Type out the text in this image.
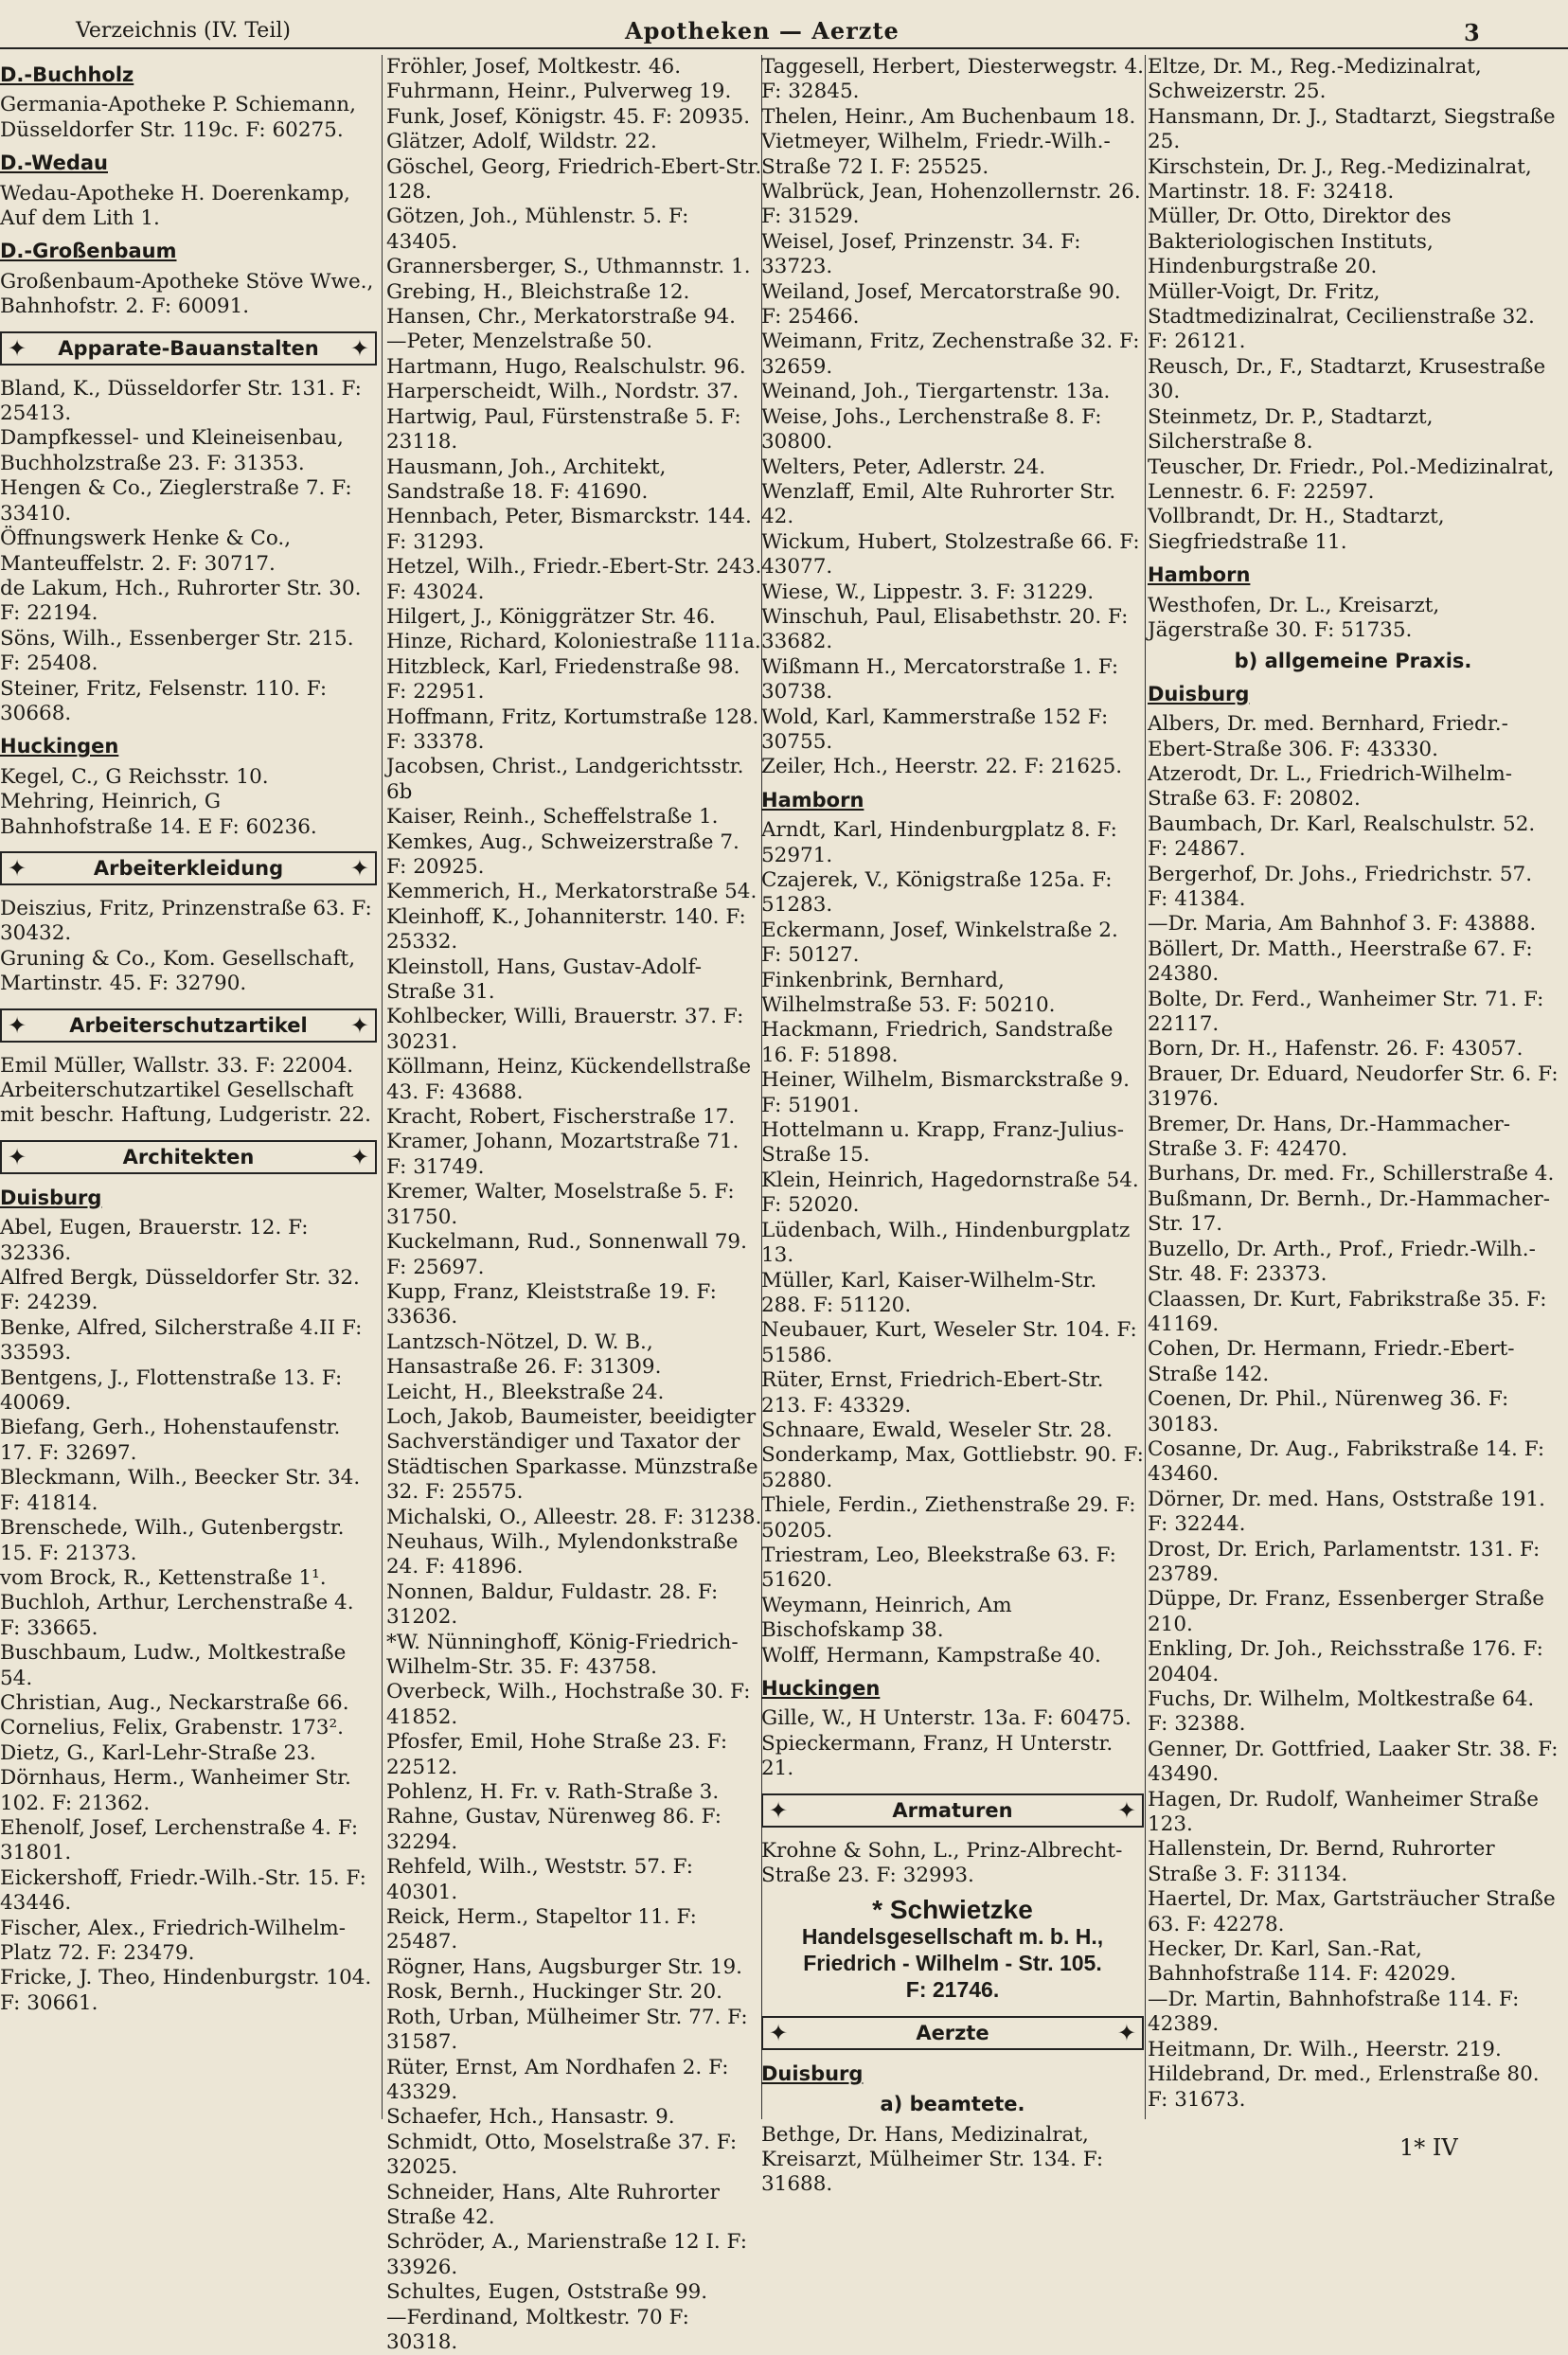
Verzeichnis (IV. Teil)	Apotheken — Aerzte	3
D.-Buchholz
Germania-Apotheke P. Schiemann, Düsseldorfer Str. 119c. F: 60275.
D.-Wedau
Wedau-Apotheke H. Doerenkamp, Auf dem Lith 1.
D.-Großenbaum
Großenbaum-Apotheke Stöve Wwe., Bahnhofstr. 2. F: 60091.
✦ Apparate-Bauanstalten ✦
Bland, K., Düsseldorfer Str. 131. F: 25413.
Dampfkessel- und Kleineisenbau, Buchholzstraße 23. F: 31353.
Hengen & Co., Zieglerstraße 7. F: 33410.
Öffnungswerk Henke & Co., Manteuffelstr. 2. F: 30717.
de Lakum, Hch., Ruhrorter Str. 30. F: 22194.
Söns, Wilh., Essenberger Str. 215. F: 25408.
Steiner, Fritz, Felsenstr. 110. F: 30668.
Huckingen
Kegel, C., G Reichsstr. 10.
Mehring, Heinrich, G Bahnhofstraße 14. E F: 60236.
✦	Arbeiterkleidung	✦
Deiszius, Fritz, Prinzenstraße 63. F: 30432.
Gruning & Co., Kom. Gesellschaft, Martinstr. 45. F: 32790.
✦ Arbeiterschutzartikel ✦
Emil Müller, Wallstr. 33. F: 22004.
Arbeiterschutzartikel Gesellschaft mit beschr. Haftung, Ludgeristr. 22.
✦	Architekten	✦
Duisburg
Abel, Eugen, Brauerstr. 12. F: 32336.
Alfred Bergk, Düsseldorfer Str. 32. F: 24239.
Benke, Alfred, Silcherstraße 4.II F: 33593.
Bentgens, J., Flottenstraße 13. F: 40069.
Biefang, Gerh., Hohenstaufenstr. 17. F: 32697.
Bleckmann, Wilh., Beecker Str. 34. F: 41814.
Brenschede, Wilh., Gutenbergstr. 15. F: 21373.
vom Brock, R., Kettenstraße 1¹.
Buchloh, Arthur, Lerchenstraße 4. F: 33665.
Buschbaum, Ludw., Moltkestraße 54.
Christian, Aug., Neckarstraße 66.
Cornelius, Felix, Grabenstr. 173².
Dietz, G., Karl-Lehr-Straße 23.
Dörnhaus, Herm., Wanheimer Str. 102. F: 21362.
Ehenolf, Josef, Lerchenstraße 4. F: 31801.
Eickershoff, Friedr.-Wilh.-Str. 15. F: 43446.
Fischer, Alex., Friedrich-Wilhelm-Platz 72. F: 23479.
Fricke, J. Theo, Hindenburgstr. 104. F: 30661.
Fröhler, Josef, Moltkestr. 46.
Fuhrmann, Heinr., Pulverweg 19.
Funk, Josef, Königstr. 45. F: 20935.
Glätzer, Adolf, Wildstr. 22.
Göschel, Georg, Friedrich-Ebert-Str. 128.
Götzen, Joh., Mühlenstr. 5. F: 43405.
Grannersberger, S., Uthmannstr. 1.
Grebing, H., Bleichstraße 12.
Hansen, Chr., Merkatorstraße 94.
—Peter, Menzelstraße 50.
Hartmann, Hugo, Realschulstr. 96.
Harperscheidt, Wilh., Nordstr. 37.
Hartwig, Paul, Fürstenstraße 5. F: 23118.
Hausmann, Joh., Architekt, Sandstraße 18. F: 41690.
Hennbach, Peter, Bismarckstr. 144. F: 31293.
Hetzel, Wilh., Friedr.-Ebert-Str. 243. F: 43024.
Hilgert, J., Königgrätzer Str. 46.
Hinze, Richard, Koloniestraße 111a.
Hitzbleck, Karl, Friedenstraße 98. F: 22951.
Hoffmann, Fritz, Kortumstraße 128. F: 33378.
Jacobsen, Christ., Landgerichtsstr. 6b
Kaiser, Reinh., Scheffelstraße 1.
Kemkes, Aug., Schweizerstraße 7. F: 20925.
Kemmerich, H., Merkatorstraße 54.
Kleinhoff, K., Johanniterstr. 140. F: 25332.
Kleinstoll, Hans, Gustav-Adolf-Straße 31.
Kohlbecker, Willi, Brauerstr. 37. F: 30231.
Köllmann, Heinz, Kückendellstraße 43. F: 43688.
Kracht, Robert, Fischerstraße 17.
Kramer, Johann, Mozartstraße 71. F: 31749.
Kremer, Walter, Moselstraße 5. F: 31750.
Kuckelmann, Rud., Sonnenwall 79. F: 25697.
Kupp, Franz, Kleiststraße 19. F: 33636.
Lantzsch-Nötzel, D. W. B., Hansastraße 26. F: 31309.
Leicht, H., Bleekstraße 24.
Loch, Jakob, Baumeister, beeidigter Sachverständiger und Taxator der Städtischen Sparkasse. Münzstraße 32. F: 25575.
Michalski, O., Alleestr. 28. F: 31238.
Neuhaus, Wilh., Mylendonkstraße 24. F: 41896.
Nonnen, Baldur, Fuldastr. 28. F: 31202.
*W. Nünninghoff, König-Friedrich-Wilhelm-Str. 35. F: 43758.
Overbeck, Wilh., Hochstraße 30. F: 41852.
Pfosfer, Emil, Hohe Straße 23. F: 22512.
Pohlenz, H. Fr. v. Rath-Straße 3.
Rahne, Gustav, Nürenweg 86. F: 32294.
Rehfeld, Wilh., Weststr. 57. F: 40301.
Reick, Herm., Stapeltor 11. F: 25487.
Rögner, Hans, Augsburger Str. 19.
Rosk, Bernh., Huckinger Str. 20.
Roth, Urban, Mülheimer Str. 77. F: 31587.
Rüter, Ernst, Am Nordhafen 2. F: 43329.
Schaefer, Hch., Hansastr. 9.
Schmidt, Otto, Moselstraße 37. F: 32025.
Schneider, Hans, Alte Ruhrorter Straße 42.
Schröder, A., Marienstraße 12 I. F: 33926.
Schultes, Eugen, Oststraße 99.
—Ferdinand, Moltkestr. 70 F: 30318.
Taggesell, Herbert, Diesterwegstr. 4. F: 32845.
Thelen, Heinr., Am Buchenbaum 18.
Vietmeyer, Wilhelm, Friedr.-Wilh.-Straße 72 I. F: 25525.
Walbrück, Jean, Hohenzollernstr. 26. F: 31529.
Weisel, Josef, Prinzenstr. 34. F: 33723.
Weiland, Josef, Mercatorstraße 90. F: 25466.
Weimann, Fritz, Zechenstraße 32. F: 32659.
Weinand, Joh., Tiergartenstr. 13a.
Weise, Johs., Lerchenstraße 8. F: 30800.
Welters, Peter, Adlerstr. 24.
Wenzlaff, Emil, Alte Ruhrorter Str. 42.
Wickum, Hubert, Stolzestraße 66. F: 43077.
Wiese, W., Lippestr. 3. F: 31229.
Winschuh, Paul, Elisabethstr. 20. F: 33682.
Wißmann H., Mercatorstraße 1. F: 30738.
Wold, Karl, Kammerstraße 152 F: 30755.
Zeiler, Hch., Heerstr. 22. F: 21625.
Hamborn
Arndt, Karl, Hindenburgplatz 8. F: 52971.
Czajerek, V., Königstraße 125a. F: 51283.
Eckermann, Josef, Winkelstraße 2. F: 50127.
Finkenbrink, Bernhard, Wilhelmstraße 53. F: 50210.
Hackmann, Friedrich, Sandstraße 16. F: 51898.
Heiner, Wilhelm, Bismarckstraße 9. F: 51901.
Hottelmann u. Krapp, Franz-Julius-Straße 15.
Klein, Heinrich, Hagedornstraße 54. F: 52020.
Lüdenbach, Wilh., Hindenburgplatz 13.
Müller, Karl, Kaiser-Wilhelm-Str. 288. F: 51120.
Neubauer, Kurt, Weseler Str. 104. F: 51586.
Rüter, Ernst, Friedrich-Ebert-Str. 213. F: 43329.
Schnaare, Ewald, Weseler Str. 28.
Sonderkamp, Max, Gottliebstr. 90. F: 52880.
Thiele, Ferdin., Ziethenstraße 29. F: 50205.
Triestram, Leo, Bleekstraße 63. F: 51620.
Weymann, Heinrich, Am Bischofskamp 38.
Wolff, Hermann, Kampstraße 40.
Huckingen
Gille, W., H Unterstr. 13a. F: 60475.
Spieckermann, Franz, H Unterstr. 21.
✦	Armaturen	✦
Krohne & Sohn, L., Prinz-Albrecht-Straße 23. F: 32993.
* Schwietzke
Handelsgesellschaft m. b. H.,
Friedrich - Wilhelm - Str. 105.
F: 21746.
✦	Aerzte	✦
Duisburg
a) beamtete.
Bethge, Dr. Hans, Medizinalrat, Kreisarzt, Mülheimer Str. 134. F: 31688.
Eltze, Dr. M., Reg.-Medizinalrat, Schweizerstr. 25.
Hansmann, Dr. J., Stadtarzt, Siegstraße 25.
Kirschstein, Dr. J., Reg.-Medizinalrat, Martinstr. 18. F: 32418.
Müller, Dr. Otto, Direktor des Bakteriologischen Instituts, Hindenburgstraße 20.
Müller-Voigt, Dr. Fritz, Stadtmedizinalrat, Cecilienstraße 32. F: 26121.
Reusch, Dr., F., Stadtarzt, Krusestraße 30.
Steinmetz, Dr. P., Stadtarzt, Silcherstraße 8.
Teuscher, Dr. Friedr., Pol.-Medizinalrat, Lennestr. 6. F: 22597.
Vollbrandt, Dr. H., Stadtarzt, Siegfriedstraße 11.
Hamborn
Westhofen, Dr. L., Kreisarzt, Jägerstraße 30. F: 51735.
b) allgemeine Praxis.
Duisburg
Albers, Dr. med. Bernhard, Friedr.-Ebert-Straße 306. F: 43330.
Atzerodt, Dr. L., Friedrich-Wilhelm-Straße 63. F: 20802.
Baumbach, Dr. Karl, Realschulstr. 52. F: 24867.
Bergerhof, Dr. Johs., Friedrichstr. 57. F: 41384.
—Dr. Maria, Am Bahnhof 3. F: 43888.
Böllert, Dr. Matth., Heerstraße 67. F: 24380.
Bolte, Dr. Ferd., Wanheimer Str. 71. F: 22117.
Born, Dr. H., Hafenstr. 26. F: 43057.
Brauer, Dr. Eduard, Neudorfer Str. 6. F: 31976.
Bremer, Dr. Hans, Dr.-Hammacher-Straße 3. F: 42470.
Burhans, Dr. med. Fr., Schillerstraße 4.
Bußmann, Dr. Bernh., Dr.-Hammacher-Str. 17.
Buzello, Dr. Arth., Prof., Friedr.-Wilh.-Str. 48. F: 23373.
Claassen, Dr. Kurt, Fabrikstraße 35. F: 41169.
Cohen, Dr. Hermann, Friedr.-Ebert-Straße 142.
Coenen, Dr. Phil., Nürenweg 36. F: 30183.
Cosanne, Dr. Aug., Fabrikstraße 14. F: 43460.
Dörner, Dr. med. Hans, Oststraße 191. F: 32244.
Drost, Dr. Erich, Parlamentstr. 131. F: 23789.
Düppe, Dr. Franz, Essenberger Straße 210.
Enkling, Dr. Joh., Reichsstraße 176. F: 20404.
Fuchs, Dr. Wilhelm, Moltkestraße 64. F: 32388.
Genner, Dr. Gottfried, Laaker Str. 38. F: 43490.
Hagen, Dr. Rudolf, Wanheimer Straße 123.
Hallenstein, Dr. Bernd, Ruhrorter Straße 3. F: 31134.
Haertel, Dr. Max, Gartsträucher Straße 63. F: 42278.
Hecker, Dr. Karl, San.-Rat, Bahnhofstraße 114. F: 42029.
—Dr. Martin, Bahnhofstraße 114. F: 42389.
Heitmann, Dr. Wilh., Heerstr. 219.
Hildebrand, Dr. med., Erlenstraße 80. F: 31673.
1* IV
